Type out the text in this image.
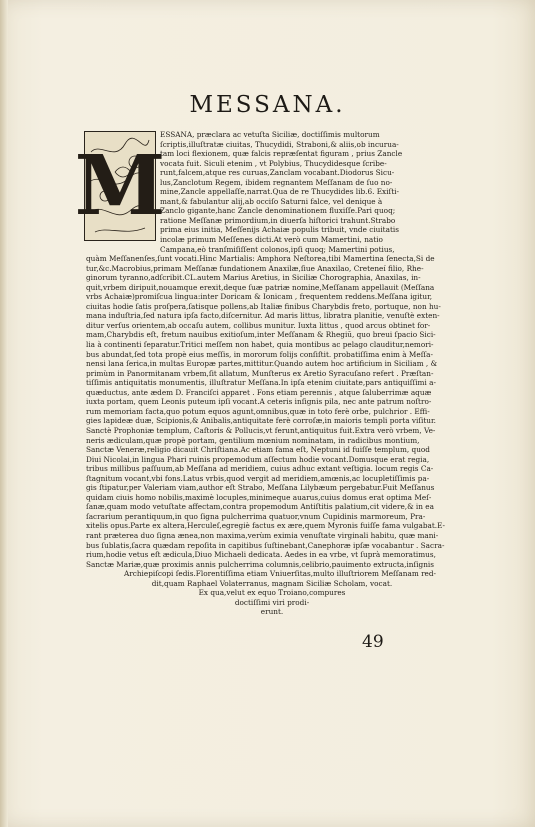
MESSANA.
M
ESSANA, præclara ac vetuſta Siciliæ, doctiſſimis multorum
ſcriptis,illuſtratæ ciuitas, Thucydidi, Straboni,& aliis,ob incurua-
tam loci flexionem, quæ falcis repræſentat figuram , prius Zancle
vocata fuit. Siculi etenim , vt Polybius, Thucydidesque ſcribe-
runt,falcem,atque res curuas,Zanclam vocabant.Diodorus Sicu-
lus,Zanclotum Regem, ibidem regnantem Meſſanam de ſuo no-
mine,Zancle appellaſſe,narrat.Qua de re Thucydides lib.6. Exiſti-
mant,& fabulantur alij,ab occiſo Saturni falce, vel denique à
Zanclo gigante,hanc Zancle denominationem fluxiſſe.Pari quoq;
ratione Meſſanæ primordium,in diuerſa hiſtorici trahunt.Strabo
prima eius initia, Meſſenijs Achaiæ populis tribuit, vnde ciuitatis
incolæ primum Meſſenes dicti.At verò cum Mamertini, natio
Campana,eò tranſmiſiſſent colonos,ipſi quoq; Mamertini potius,
quàm Meſſanenſes,ſunt vocati.Hinc Martialis: Amphora Neſtorea,tibi Mamertina ſenecta,Si de
tur,&c.Macrobius,primam Meſſanæ fundationem Anaxilæ,ſiue Anaxilao, Creteneí filio, Rhe-
ginorum tyranno,adſcribit.CL.autem Marius Aretius, in Siciliæ Chorographia, Anaxilas, in-
quit,vrbem diripuit,nouamque erexit,deque ſuæ patriæ nomine,Meſſanam appellauit (Meſſana
vrbs Achaiæ)promiſcua lingua:inter Doricam & Ionicam , frequentem reddens.Meſſana igitur,
ciuitas hodie ſatis proſpera,ſatisque pollens,ab Italiæ finibus Charybdis freto, portuque, non hu-
mana induſtria,ſed natura ipſa facto,diſcernitur. Ad maris littus, libratra planitie, venuſtè exten-
ditur verſus orientem,ab occaſu autem, collibus munitur. Iuxta littus , quod arcus obtinet for-
mam,Charybdis eſt, fretum nauibus exitioſum,inter Meſſanam & Rhegiū, quo breui ſpacio Sici-
lia à continenti ſeparatur.Tritici meſſem non habet, quia montibus ac pelago clauditur,nemori-
bus abundat,ſed tota propè eius meſſis, in mororum folijs conſiſtit. probatiſſima enim à Meſſa-
nensi lana ſerica,in multas Europæ partes,mittitur.Quando autem hoc artificium in Siciliam , &
primùm in Panormitanam vrbem,ſit allatum, Munſterus ex Aretio Syracuſano refert . Præſtan-
tiſſimis antiquitatis monumentis, illuſtratur Meſſana.In ipſa etenim ciuitate,pars antiquiſſimi a-
quæductus, ante ædem D. Franciſci apparet . Fons etiam perennis , atque ſaluberrimæ aquæ
iuxta portam, quem Leonis puteum ipſi vocant.A ceteris inſignis pila, nec ante patrum noſtro-
rum memoriam facta,quo potum equos agunt,omnibus,quæ in toto ferè orbe, pulchrior . Effi-
gies lapideæ duæ, Scipionis,& Anibalis,antiquitate ferè corroſæ,in maioris templi porta viſitur.
Sanctè Prophoniæ templum, Caſtoris & Pollucis,vt ferunt,antiquitus fuit.Extra verò vrbem, Ve-
neris ædiculam,quæ propè portam, gentilium mœnium nominatam, in radicibus montium,
Sanctæ Veneræ,religio dicauit Chriſtiana.Ac etiam fama eſt, Neptuni id fuiſſe templum, quod
Diui Nicolai,in lingua Phari ruinis propemodum aſſectum hodie vocant.Domusque erat regia,
tribus millibus paſſuum,ab Meſſana ad meridiem, cuius adhuc extant veſtigia. locum regis Ca-
ſtagnitum vocant,vbi fons.Latus vrbis,quod vergit ad meridiem,amœnis,ac locupletiſſimis pa-
gis ſtipatur,per Valeriam viam,author eſt Strabo, Meſſana Lilybæum pergebatur.Fuit Meſſanus
quidam ciuis homo nobilis,maximè locuples,minimeque auarus,cuius domus erat optima Meſ-
ſanæ,quam modo vetuſtate affectam,contra propemodum Antiſtitis palatium,cit videre,& in ea
ſacrarium perantiquum,in quo ſigna pulcherrima quatuor,vnum Cupidinis marmoreum, Pra-
xitelis opus.Parte ex altera,Herculeſ,egregiè factus ex ære,quem Myronis fuiſſe fama vulgabat.E-
rant præterea duo ſigna ænea,non maxima,verùm eximia venuſtate virginali habitu, quæ mani-
bus ſublatis,ſacra quædam repoſita in capitibus ſuſtinebant,Canephoræ ipſæ vocabantur . Sacra-
rium,hodie vetus eſt ædicula,Diuo Michaeli dedicata. Aedes in ea vrbe, vt ſuprà memoratimus,
Sanctæ Mariæ,quæ proximis annis pulcherrima columnis,celibrio,pauimento extructa,inſignis
Archiepiſcopi ſedis.Florentiſſima etiam Vniuerſitas,multo illuſtriorem Meſſanam red-
dit,quam Raphael Volaterranus, magnam Siciliæ Scholam, vocat.
Ex qua,velut ex equo Troiano,compures
doctiſſimi viri prodi-
erunt.
49
